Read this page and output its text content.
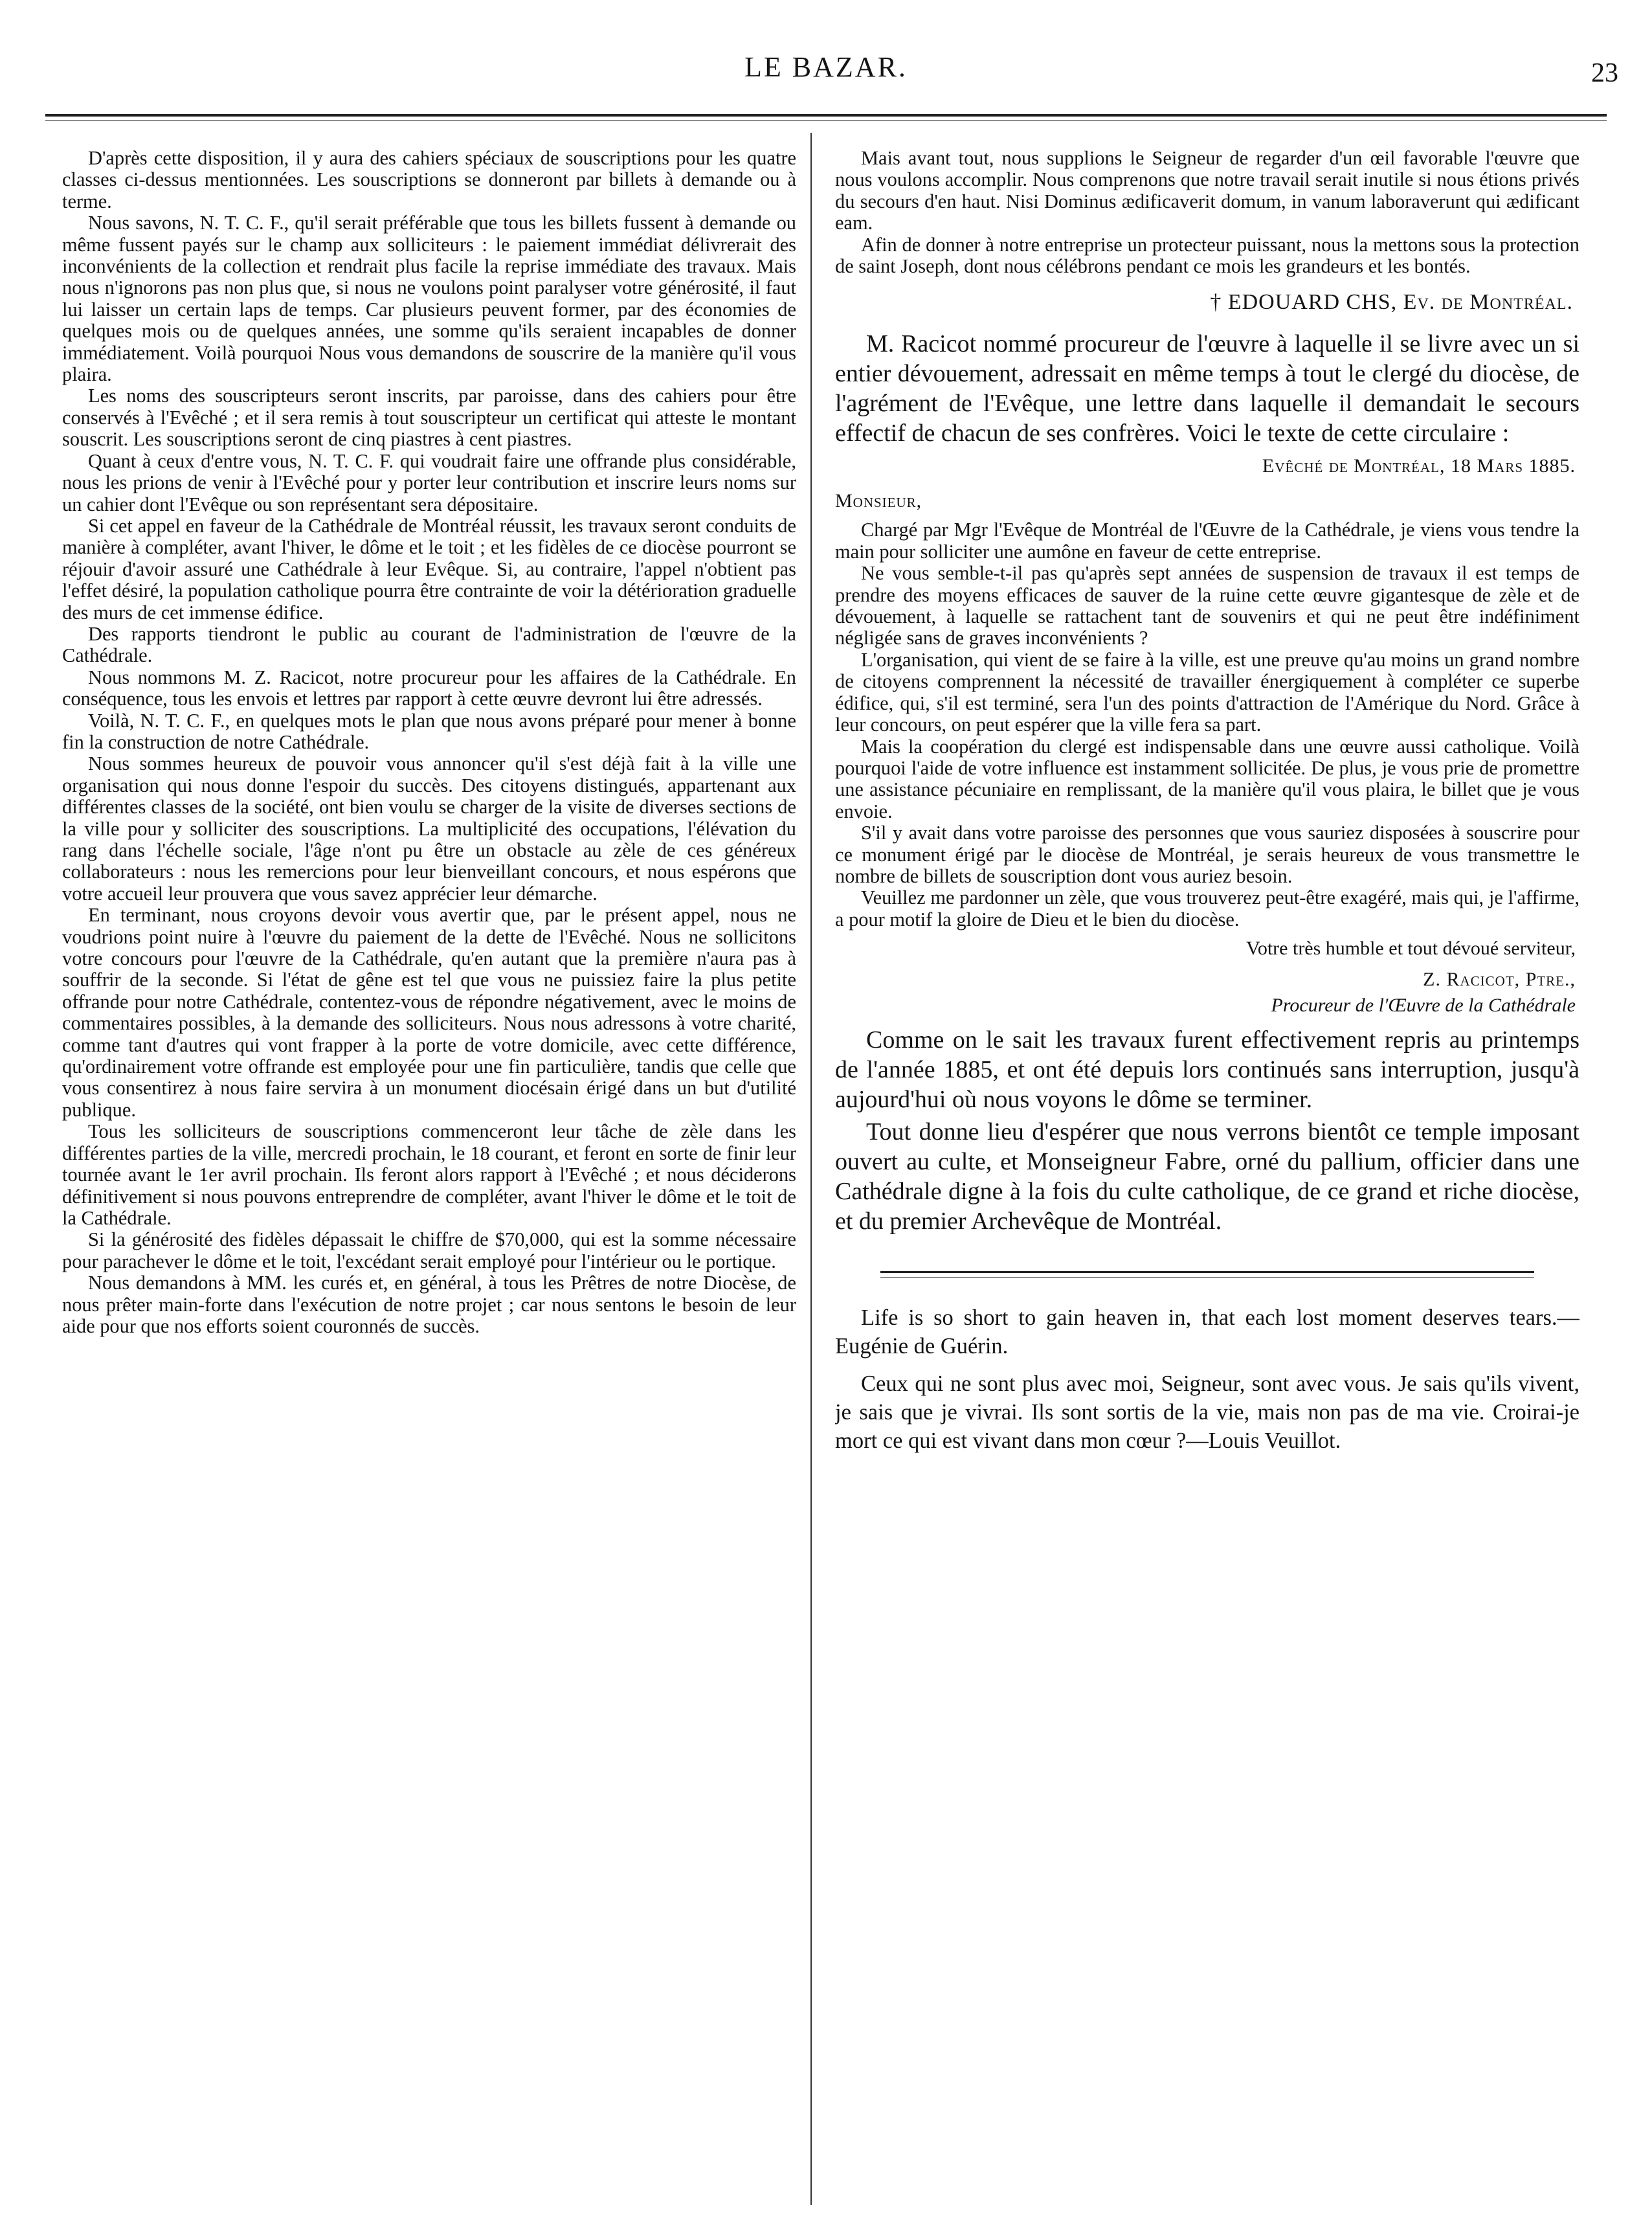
LE BAZAR.	23

D'après cette disposition, il y aura des cahiers spéciaux de souscriptions pour les quatre classes ci-dessus mentionnées. Les souscriptions se donneront par billets à demande ou à terme.

Nous savons, N. T. C. F., qu'il serait préférable que tous les billets fussent à demande ou même fussent payés sur le champ aux solliciteurs : le paiement immédiat délivrerait des inconvénients de la collection et rendrait plus facile la reprise immédiate des travaux. Mais nous n'ignorons pas non plus que, si nous ne voulons point paralyser votre générosité, il faut lui laisser un certain laps de temps. Car plusieurs peuvent former, par des économies de quelques mois ou de quelques années, une somme qu'ils seraient incapables de donner immédiatement. Voilà pourquoi Nous vous demandons de souscrire de la manière qu'il vous plaira.

Les noms des souscripteurs seront inscrits, par paroisse, dans des cahiers pour être conservés à l'Evêché ; et il sera remis à tout souscripteur un certificat qui atteste le montant souscrit. Les souscriptions seront de cinq piastres à cent piastres.

Quant à ceux d'entre vous, N. T. C. F. qui voudrait faire une offrande plus considérable, nous les prions de venir à l'Evêché pour y porter leur contribution et inscrire leurs noms sur un cahier dont l'Evêque ou son représentant sera dépositaire.

Si cet appel en faveur de la Cathédrale de Montréal réussit, les travaux seront conduits de manière à compléter, avant l'hiver, le dôme et le toit ; et les fidèles de ce diocèse pourront se réjouir d'avoir assuré une Cathédrale à leur Evêque. Si, au contraire, l'appel n'obtient pas l'effet désiré, la population catholique pourra être contrainte de voir la détérioration graduelle des murs de cet immense édifice.

Des rapports tiendront le public au courant de l'administration de l'œuvre de la Cathédrale.

Nous nommons M. Z. Racicot, notre procureur pour les affaires de la Cathédrale. En conséquence, tous les envois et lettres par rapport à cette œuvre devront lui être adressés.

Voilà, N. T. C. F., en quelques mots le plan que nous avons préparé pour mener à bonne fin la construction de notre Cathédrale.

Nous sommes heureux de pouvoir vous annoncer qu'il s'est déjà fait à la ville une organisation qui nous donne l'espoir du succès. Des citoyens distingués, appartenant aux différentes classes de la société, ont bien voulu se charger de la visite de diverses sections de la ville pour y solliciter des souscriptions. La multiplicité des occupations, l'élévation du rang dans l'échelle sociale, l'âge n'ont pu être un obstacle au zèle de ces généreux collaborateurs : nous les remercions pour leur bienveillant concours, et nous espérons que votre accueil leur prouvera que vous savez apprécier leur démarche.

En terminant, nous croyons devoir vous avertir que, par le présent appel, nous ne voudrions point nuire à l'œuvre du paiement de la dette de l'Evêché. Nous ne sollicitons votre concours pour l'œuvre de la Cathédrale, qu'en autant que la première n'aura pas à souffrir de la seconde. Si l'état de gêne est tel que vous ne puissiez faire la plus petite offrande pour notre Cathédrale, contentez-vous de répondre négativement, avec le moins de commentaires possibles, à la demande des solliciteurs. Nous nous adressons à votre charité, comme tant d'autres qui vont frapper à la porte de votre domicile, avec cette différence, qu'ordinairement votre offrande est employée pour une fin particulière, tandis que celle que vous consentirez à nous faire servira à un monument diocésain érigé dans un but d'utilité publique.

Tous les solliciteurs de souscriptions commenceront leur tâche de zèle dans les différentes parties de la ville, mercredi prochain, le 18 courant, et feront en sorte de finir leur tournée avant le 1er avril prochain. Ils feront alors rapport à l'Evêché ; et nous déciderons définitivement si nous pouvons entreprendre de compléter, avant l'hiver le dôme et le toit de la Cathédrale.

Si la générosité des fidèles dépassait le chiffre de $70,000, qui est la somme nécessaire pour parachever le dôme et le toit, l'excédant serait employé pour l'intérieur ou le portique.

Nous demandons à MM. les curés et, en général, à tous les Prêtres de notre Diocèse, de nous prêter main-forte dans l'exécution de notre projet ; car nous sentons le besoin de leur aide pour que nos efforts soient couronnés de succès.

Mais avant tout, nous supplions le Seigneur de regarder d'un œil favorable l'œuvre que nous voulons accomplir. Nous comprenons que notre travail serait inutile si nous étions privés du secours d'en haut. Nisi Dominus ædificaverit domum, in vanum laboraverunt qui ædificant eam.

Afin de donner à notre entreprise un protecteur puissant, nous la mettons sous la protection de saint Joseph, dont nous célébrons pendant ce mois les grandeurs et les bontés.

† EDOUARD CHS, Ev. de Montréal.

M. Racicot nommé procureur de l'œuvre à laquelle il se livre avec un si entier dévouement, adressait en même temps à tout le clergé du diocèse, de l'agrément de l'Evêque, une lettre dans laquelle il demandait le secours effectif de chacun de ses confrères. Voici le texte de cette circulaire :

Evêché de Montréal, 18 Mars 1885.
Monsieur,

Chargé par Mgr l'Evêque de Montréal de l'Œuvre de la Cathédrale, je viens vous tendre la main pour solliciter une aumône en faveur de cette entreprise.

Ne vous semble-t-il pas qu'après sept années de suspension de travaux il est temps de prendre des moyens efficaces de sauver de la ruine cette œuvre gigantesque de zèle et de dévouement, à laquelle se rattachent tant de souvenirs et qui ne peut être indéfiniment négligée sans de graves inconvénients ?

L'organisation, qui vient de se faire à la ville, est une preuve qu'au moins un grand nombre de citoyens comprennent la nécessité de travailler énergiquement à compléter ce superbe édifice, qui, s'il est terminé, sera l'un des points d'attraction de l'Amérique du Nord. Grâce à leur concours, on peut espérer que la ville fera sa part.

Mais la coopération du clergé est indispensable dans une œuvre aussi catholique. Voilà pourquoi l'aide de votre influence est instamment sollicitée. De plus, je vous prie de promettre une assistance pécuniaire en remplissant, de la manière qu'il vous plaira, le billet que je vous envoie.

S'il y avait dans votre paroisse des personnes que vous sauriez disposées à souscrire pour ce monument érigé par le diocèse de Montréal, je serais heureux de vous transmettre le nombre de billets de souscription dont vous auriez besoin.

Veuillez me pardonner un zèle, que vous trouverez peut-être exagéré, mais qui, je l'affirme, a pour motif la gloire de Dieu et le bien du diocèse.

Votre très humble et tout dévoué serviteur,
Z. Racicot, Ptre.,
Procureur de l'Œuvre de la Cathédrale

Comme on le sait les travaux furent effectivement repris au printemps de l'année 1885, et ont été depuis lors continués sans interruption, jusqu'à aujourd'hui où nous voyons le dôme se terminer.

Tout donne lieu d'espérer que nous verrons bientôt ce temple imposant ouvert au culte, et Monseigneur Fabre, orné du pallium, officier dans une Cathédrale digne à la fois du culte catholique, de ce grand et riche diocèse, et du premier Archevêque de Montréal.

Life is so short to gain heaven in, that each lost moment deserves tears.—Eugénie de Guérin.

Ceux qui ne sont plus avec moi, Seigneur, sont avec vous. Je sais qu'ils vivent, je sais que je vivrai. Ils sont sortis de la vie, mais non pas de ma vie. Croirai-je mort ce qui est vivant dans mon cœur ?—Louis Veuillot.
